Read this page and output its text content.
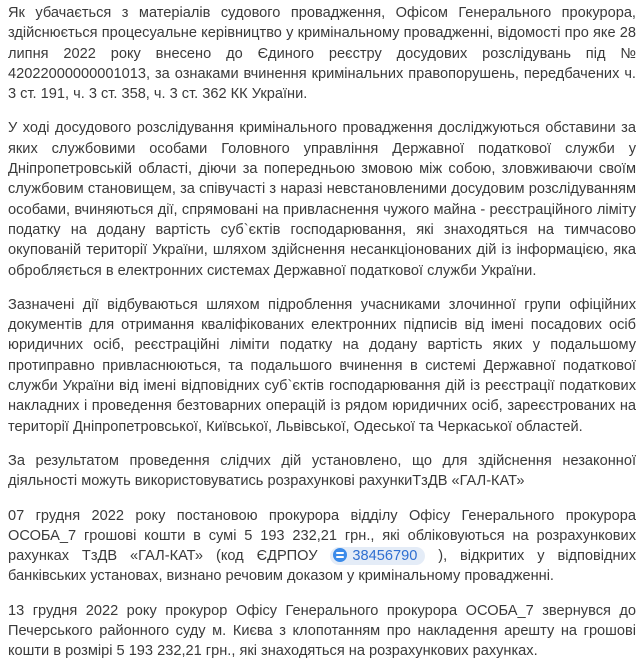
Як убачається з матеріалів судового провадження, Офісом Генерального прокурора, здійснюється процесуальне керівництво у кримінальному провадженні, відомості про яке 28 липня 2022 року внесено до Єдиного реєстру досудових розслідувань під № 42022000000001013, за ознаками вчинення кримінальних правопорушень, передбачених ч. 3 ст. 191, ч. 3 ст. 358, ч. 3 ст. 362 КК України.

У ході досудового розслідування кримінального провадження досліджуються обставини за яких службовими особами Головного управління Державної податкової служби у Дніпропетровській області, діючи за попередньою змовою між собою, зловживаючи своїм службовим становищем, за співучасті з наразі невстановленими досудовим розслідуванням особами, вчиняються дії, спрямовані на привласнення чужого майна - реєстраційного ліміту податку на додану вартість суб`єктів господарювання, які знаходяться на тимчасово окупованій території України, шляхом здійснення несанкціонованих дій із інформацією, яка обробляється в електронних системах Державної податкової служби України.

Зазначені дії відбуваються шляхом підроблення учасниками злочинної групи офіційних документів для отримання кваліфікованих електронних підписів від імені посадових осіб юридичних осіб, реєстраційні ліміти податку на додану вартість яких у подальшому протиправно привласнюються, та подальшого вчинення в системі Державної податкової служби України від імені відповідних суб`єктів господарювання дій із реєстрації податкових накладних і проведення безтоварних операцій із рядом юридичних осіб, зареєстрованих на території Дніпропетровської, Київської, Львівської, Одеської та Черкаської областей.

За результатом проведення слідчих дій установлено, що для здійснення незаконної діяльності можуть використовуватись розрахункові рахункиТзДВ «ГАЛ-КАТ»

07 грудня 2022 року постановою прокурора відділу Офісу Генерального прокурора ОСОБА_7 грошові кошти в сумі 5 193 232,21 грн., які обліковуються на розрахункових рахунках ТзДВ «ГАЛ-КАТ» (код ЄДРПОУ 38456790 ), відкритих у відповідних банківських установах, визнано речовим доказом у кримінальному провадженні.

13 грудня 2022 року прокурор Офісу Генерального прокурора ОСОБА_7 звернувся до Печерського районного суду м. Києва з клопотанням про накладення арешту на грошові кошти в розмірі 5 193 232,21 грн., які знаходяться на розрахункових рахунках.
